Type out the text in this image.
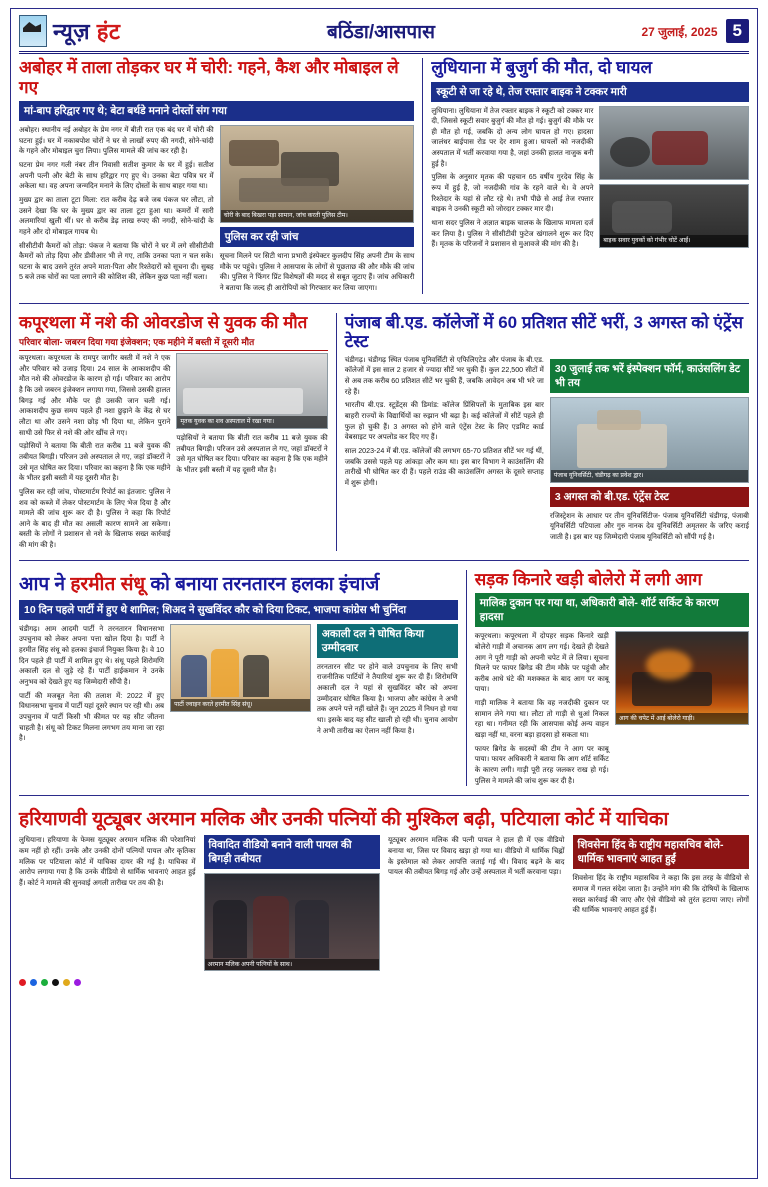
न्यूज़ हंट	बठिंडा/आसपास	27 जुलाई, 2025 5
अबोहर में ताला तोड़कर घर में चोरी: गहने, कैश और मोबाइल ले गए
मां-बाप हरिद्वार गए थे; बेटा बर्थडे मनाने दोस्तों संग गया
अबोहर। स्थानीय नई अबोहर के प्रेम नगर में बीती रात एक बंद घर में चोरी की घटना हुई। घर में नकाबपोश चोरों ने घर से लाखों रुपए की नगदी, सोने-चांदी के गहने और मोबाइल चुरा लिया। पुलिस मामले की जांच कर रही है।
घटना प्रेम नगर गली नंबर तीन निवासी सतीश कुमार के घर में हुई। सतीश अपनी पत्नी और बेटी के साथ हरिद्वार गए हुए थे। उनका बेटा पवित्र घर में अकेला था। वह अपना जन्मदिन मनाने के लिए दोस्तों के साथ बाहर गया था।
मुख्य द्वार का ताला टूटा मिला: रात करीब देढ़ बजे जब पंकज घर लौटा, तो उसने देखा कि घर के मुख्य द्वार का ताला टूटा हुआ था। कमरों में सारी अलमारियां खुली थीं। घर से करीब डेढ़ लाख रुपए की नगदी, सोने-चांदी के गहने और दो मोबाइल गायब थे।
सीसीटीवी कैमरों को तोड़ा: पंकज ने बताया कि चोरों ने घर में लगे सीसीटीवी कैमरों को तोड़ दिया और डीवीआर भी ले गए, ताकि उनका पता न चल सके। घटना के बाद उसने तुरंत अपने माता-पिता और रिश्तेदारों को सूचना दी। सुबह 5 बजे तक चोरों का पता लगाने की कोशिश की, लेकिन कुछ पता नहीं चला।
चोरी के बाद बिखरा पड़ा सामान, जांच करती पुलिस टीम।
पुलिस कर रही जांच
सूचना मिलने पर सिटी थाना प्रभारी इंस्पेक्टर कुलदीप सिंह अपनी टीम के साथ मौके पर पहुंचे। पुलिस ने आसपास के लोगों से पूछताछ की और मौके की जांच की। पुलिस ने फिंगर प्रिंट विशेषज्ञों की मदद से सबूत जुटाए हैं। जांच अधिकारी ने बताया कि जल्द ही आरोपियों को गिरफ्तार कर लिया जाएगा।
लुधियाना में बुजुर्ग की मौत, दो घायल
स्कूटी से जा रहे थे, तेज रफ्तार बाइक ने टक्कर मारी
लुधियाना। लुधियाना में तेज रफ्तार बाइक ने स्कूटी को टक्कर मार दी, जिससे स्कूटी सवार बुजुर्ग की मौत हो गई। बुजुर्ग की मौके पर ही मौत हो गई, जबकि दो अन्य लोग घायल हो गए। हादसा जालंधर बाईपास रोड पर देर शाम हुआ। घायलों को नजदीकी अस्पताल में भर्ती करवाया गया है, जहां उनकी हालत नाजुक बनी हुई है।
पुलिस के अनुसार मृतक की पहचान 65 वर्षीय गुरदेव सिंह के रूप में हुई है, जो नजदीकी गांव के रहने वाले थे। वे अपने रिश्तेदार के यहां से लौट रहे थे। तभी पीछे से आई तेज रफ्तार बाइक ने उनकी स्कूटी को जोरदार टक्कर मार दी।
थाना सदर पुलिस ने अज्ञात बाइक चालक के खिलाफ मामला दर्ज कर लिया है। पुलिस ने सीसीटीवी फुटेज खंगालने शुरू कर दिए हैं। मृतक के परिजनों ने प्रशासन से मुआवजे की मांग की है।	बाइक सवार युवकों को गंभीर चोटें आईं।
कपूरथला में नशे की ओवरडोज से युवक की मौत
परिवार बोला- जबरन दिया गया इंजेक्शन; एक महीने में बस्ती में दूसरी मौत
कपूरथला। कपूरथला के रामपुर जागीर बस्ती में नशे ने एक और परिवार को उजाड़ दिया। 24 साल के आकाशदीप की मौत नशे की ओवरडोज के कारण हो गई। परिवार का आरोप है कि उसे जबरन इंजेक्शन लगाया गया, जिससे उसकी हालत बिगड़ गई और मौके पर ही उसकी जान चली गई। आकाशदीप कुछ समय पहले ही नशा छुड़ाने के केंद्र से घर लौटा था और उसने नशा छोड़ भी दिया था, लेकिन पुराने साथी उसे फिर से नशे की ओर खींच ले गए।
पड़ोसियों ने बताया कि बीती रात करीब 11 बजे युवक की तबीयत बिगड़ी। परिजन उसे अस्पताल ले गए, जहां डॉक्टरों ने उसे मृत घोषित कर दिया। परिवार का कहना है कि एक महीने के भीतर इसी बस्ती में यह दूसरी मौत है।
पुलिस कर रही जांच, पोस्टमार्टम रिपोर्ट का इंतजार: पुलिस ने शव को कब्जे में लेकर पोस्टमार्टम के लिए भेज दिया है और मामले की जांच शुरू कर दी है। पुलिस ने कहा कि रिपोर्ट आने के बाद ही मौत का असली कारण सामने आ सकेगा। बस्ती के लोगों ने प्रशासन से नशे के खिलाफ सख्त कार्रवाई की मांग की है।
मृतक युवक का शव अस्पताल में रखा गया।
पड़ोसियों ने बताया कि बीती रात करीब 11 बजे युवक की तबीयत बिगड़ी। परिजन उसे अस्पताल ले गए, जहां डॉक्टरों ने उसे मृत घोषित कर दिया। परिवार का कहना है कि एक महीने के भीतर इसी बस्ती में यह दूसरी मौत है।
पंजाब बी.एड. कॉलेजों में 60 प्रतिशत सीटें भरीं, 3 अगस्त को एंट्रेंस टेस्ट
चंडीगढ़। चंडीगढ़ स्थित पंजाब यूनिवर्सिटी से एफिलिएटेड और पंजाब के बी.एड. कॉलेजों में इस साल 2 हजार से ज्यादा सीटें भर चुकी हैं। कुल 22,500 सीटों में से अब तक करीब 60 प्रतिशत सीटें भर चुकी हैं, जबकि आवेदन अब भी भरे जा रहे हैं।
भारतीय बी.एड. स्टूडेंट्स की डिमांड: कॉलेज प्रिंसिपलों के मुताबिक इस बार बाहरी राज्यों के विद्यार्थियों का रुझान भी बढ़ा है। कई कॉलेजों में सीटें पहले ही फुल हो चुकी हैं। 3 अगस्त को होने वाले एंट्रेंस टेस्ट के लिए एडमिट कार्ड वेबसाइट पर अपलोड कर दिए गए हैं।
साल 2023-24 में बी.एड. कॉलेजों की लगभग 65-70 प्रतिशत सीटें भर गई थीं, जबकि उससे पहले यह आंकड़ा और कम था। इस बार विभाग ने काउंसलिंग की तारीखें भी घोषित कर दी हैं। पहले राउंड की काउंसलिंग अगस्त के दूसरे सप्ताह में शुरू होगी।
30 जुलाई तक भरें इंस्पेक्शन फॉर्म, काउंसलिंग डेट भी तय
पंजाब यूनिवर्सिटी, चंडीगढ़ का प्रवेश द्वार।
3 अगस्त को बी.एड. एंट्रेंस टेस्ट
रजिस्ट्रेशन के आधार पर तीन यूनिवर्सिटीज- पंजाब यूनिवर्सिटी चंडीगढ़, पंजाबी यूनिवर्सिटी पटियाला और गुरु नानक देव यूनिवर्सिटी अमृतसर के जरिए कराई जाती है। इस बार यह जिम्मेदारी पंजाब यूनिवर्सिटी को सौंपी गई है।
आप ने हरमीत संधू को बनाया तरनतारन हलका इंचार्ज
10 दिन पहले पार्टी में हुए थे शामिल; शिअद ने सुखविंदर कौर को दिया टिकट, भाजपा कांग्रेस भी चुनिंदा
चंडीगढ़। आम आदमी पार्टी ने तरनतारन विधानसभा उपचुनाव को लेकर अपना पत्ता खोल दिया है। पार्टी ने हरमीत सिंह संधू को हलका इंचार्ज नियुक्त किया है। वे 10 दिन पहले ही पार्टी में शामिल हुए थे। संधू पहले शिरोमणि अकाली दल से जुड़े रहे हैं। पार्टी हाईकमान ने उनके अनुभव को देखते हुए यह जिम्मेदारी सौंपी है।
पार्टी की मजबूत नेता की तलाश में: 2022 में हुए विधानसभा चुनाव में पार्टी यहां दूसरे स्थान पर रही थी। अब उपचुनाव में पार्टी किसी भी कीमत पर यह सीट जीतना चाहती है। संधू को टिकट मिलना लगभग तय माना जा रहा है।
पार्टी ज्वाइन करते हरमीत सिंह संधू।
अकाली दल ने घोषित किया उम्मीदवार
तरनतारन सीट पर होने वाले उपचुनाव के लिए सभी राजनीतिक पार्टियों ने तैयारियां शुरू कर दी हैं। शिरोमणि अकाली दल ने यहां से सुखविंदर कौर को अपना उम्मीदवार घोषित किया है। भाजपा और कांग्रेस ने अभी तक अपने पत्ते नहीं खोले हैं। जून 2025 में निधन हो गया था। इसके बाद यह सीट खाली हो रही थी। चुनाव आयोग ने अभी तारीख का ऐलान नहीं किया है।
सड़क किनारे खड़ी बोलेरो में लगी आग
मालिक दुकान पर गया था, अधिकारी बोले- शॉर्ट सर्किट के कारण हादसा
कपूरथला। कपूरथला में दोपहर सड़क किनारे खड़ी बोलेरो गाड़ी में अचानक आग लग गई। देखते ही देखते आग ने पूरी गाड़ी को अपनी चपेट में ले लिया। सूचना मिलने पर फायर ब्रिगेड की टीम मौके पर पहुंची और करीब आधे घंटे की मशक्कत के बाद आग पर काबू पाया।
गाड़ी मालिक ने बताया कि वह नजदीकी दुकान पर सामान लेने गया था। लौटा तो गाड़ी से धुआं निकल रहा था। गनीमत रही कि आसपास कोई अन्य वाहन खड़ा नहीं था, वरना बड़ा हादसा हो सकता था।
फायर ब्रिगेड के सदस्यों की टीम ने आग पर काबू पाया। फायर अधिकारी ने बताया कि आग शॉर्ट सर्किट के कारण लगी। गाड़ी पूरी तरह जलकर राख हो गई। पुलिस ने मामले की जांच शुरू कर दी है।
आग की चपेट में आई बोलेरो गाड़ी।
हरियाणवी यूट्यूबर अरमान मलिक और उनकी पत्नियों की मुश्किल बढ़ी, पटियाला कोर्ट में याचिका
लुधियाना। हरियाणा के फेमस यूट्यूबर अरमान मलिक की परेशानियां कम नहीं हो रहीं। उनके और उनकी दोनों पत्नियों पायल और कृतिका मलिक पर पटियाला कोर्ट में याचिका दायर की गई है। याचिका में आरोप लगाया गया है कि उनके वीडियो से धार्मिक भावनाएं आहत हुई हैं। कोर्ट ने मामले की सुनवाई अगली तारीख पर तय की है।
विवादित वीडियो बनाने वाली पायल की बिगड़ी तबीयत
अरमान मलिक अपनी पत्नियों के साथ।
यूट्यूबर अरमान मलिक की पत्नी पायल ने हाल ही में एक वीडियो बनाया था, जिस पर विवाद खड़ा हो गया था। वीडियो में धार्मिक चिह्नों के इस्तेमाल को लेकर आपत्ति जताई गई थी। विवाद बढ़ने के बाद पायल की तबीयत बिगड़ गई और उन्हें अस्पताल में भर्ती करवाना पड़ा।
शिवसेना हिंद के राष्ट्रीय महासचिव बोले- धार्मिक भावनाएं आहत हुईं
शिवसेना हिंद के राष्ट्रीय महासचिव ने कहा कि इस तरह के वीडियो से समाज में गलत संदेश जाता है। उन्होंने मांग की कि दोषियों के खिलाफ सख्त कार्रवाई की जाए और ऐसे वीडियो को तुरंत हटाया जाए। लोगों की धार्मिक भावनाएं आहत हुई हैं।
